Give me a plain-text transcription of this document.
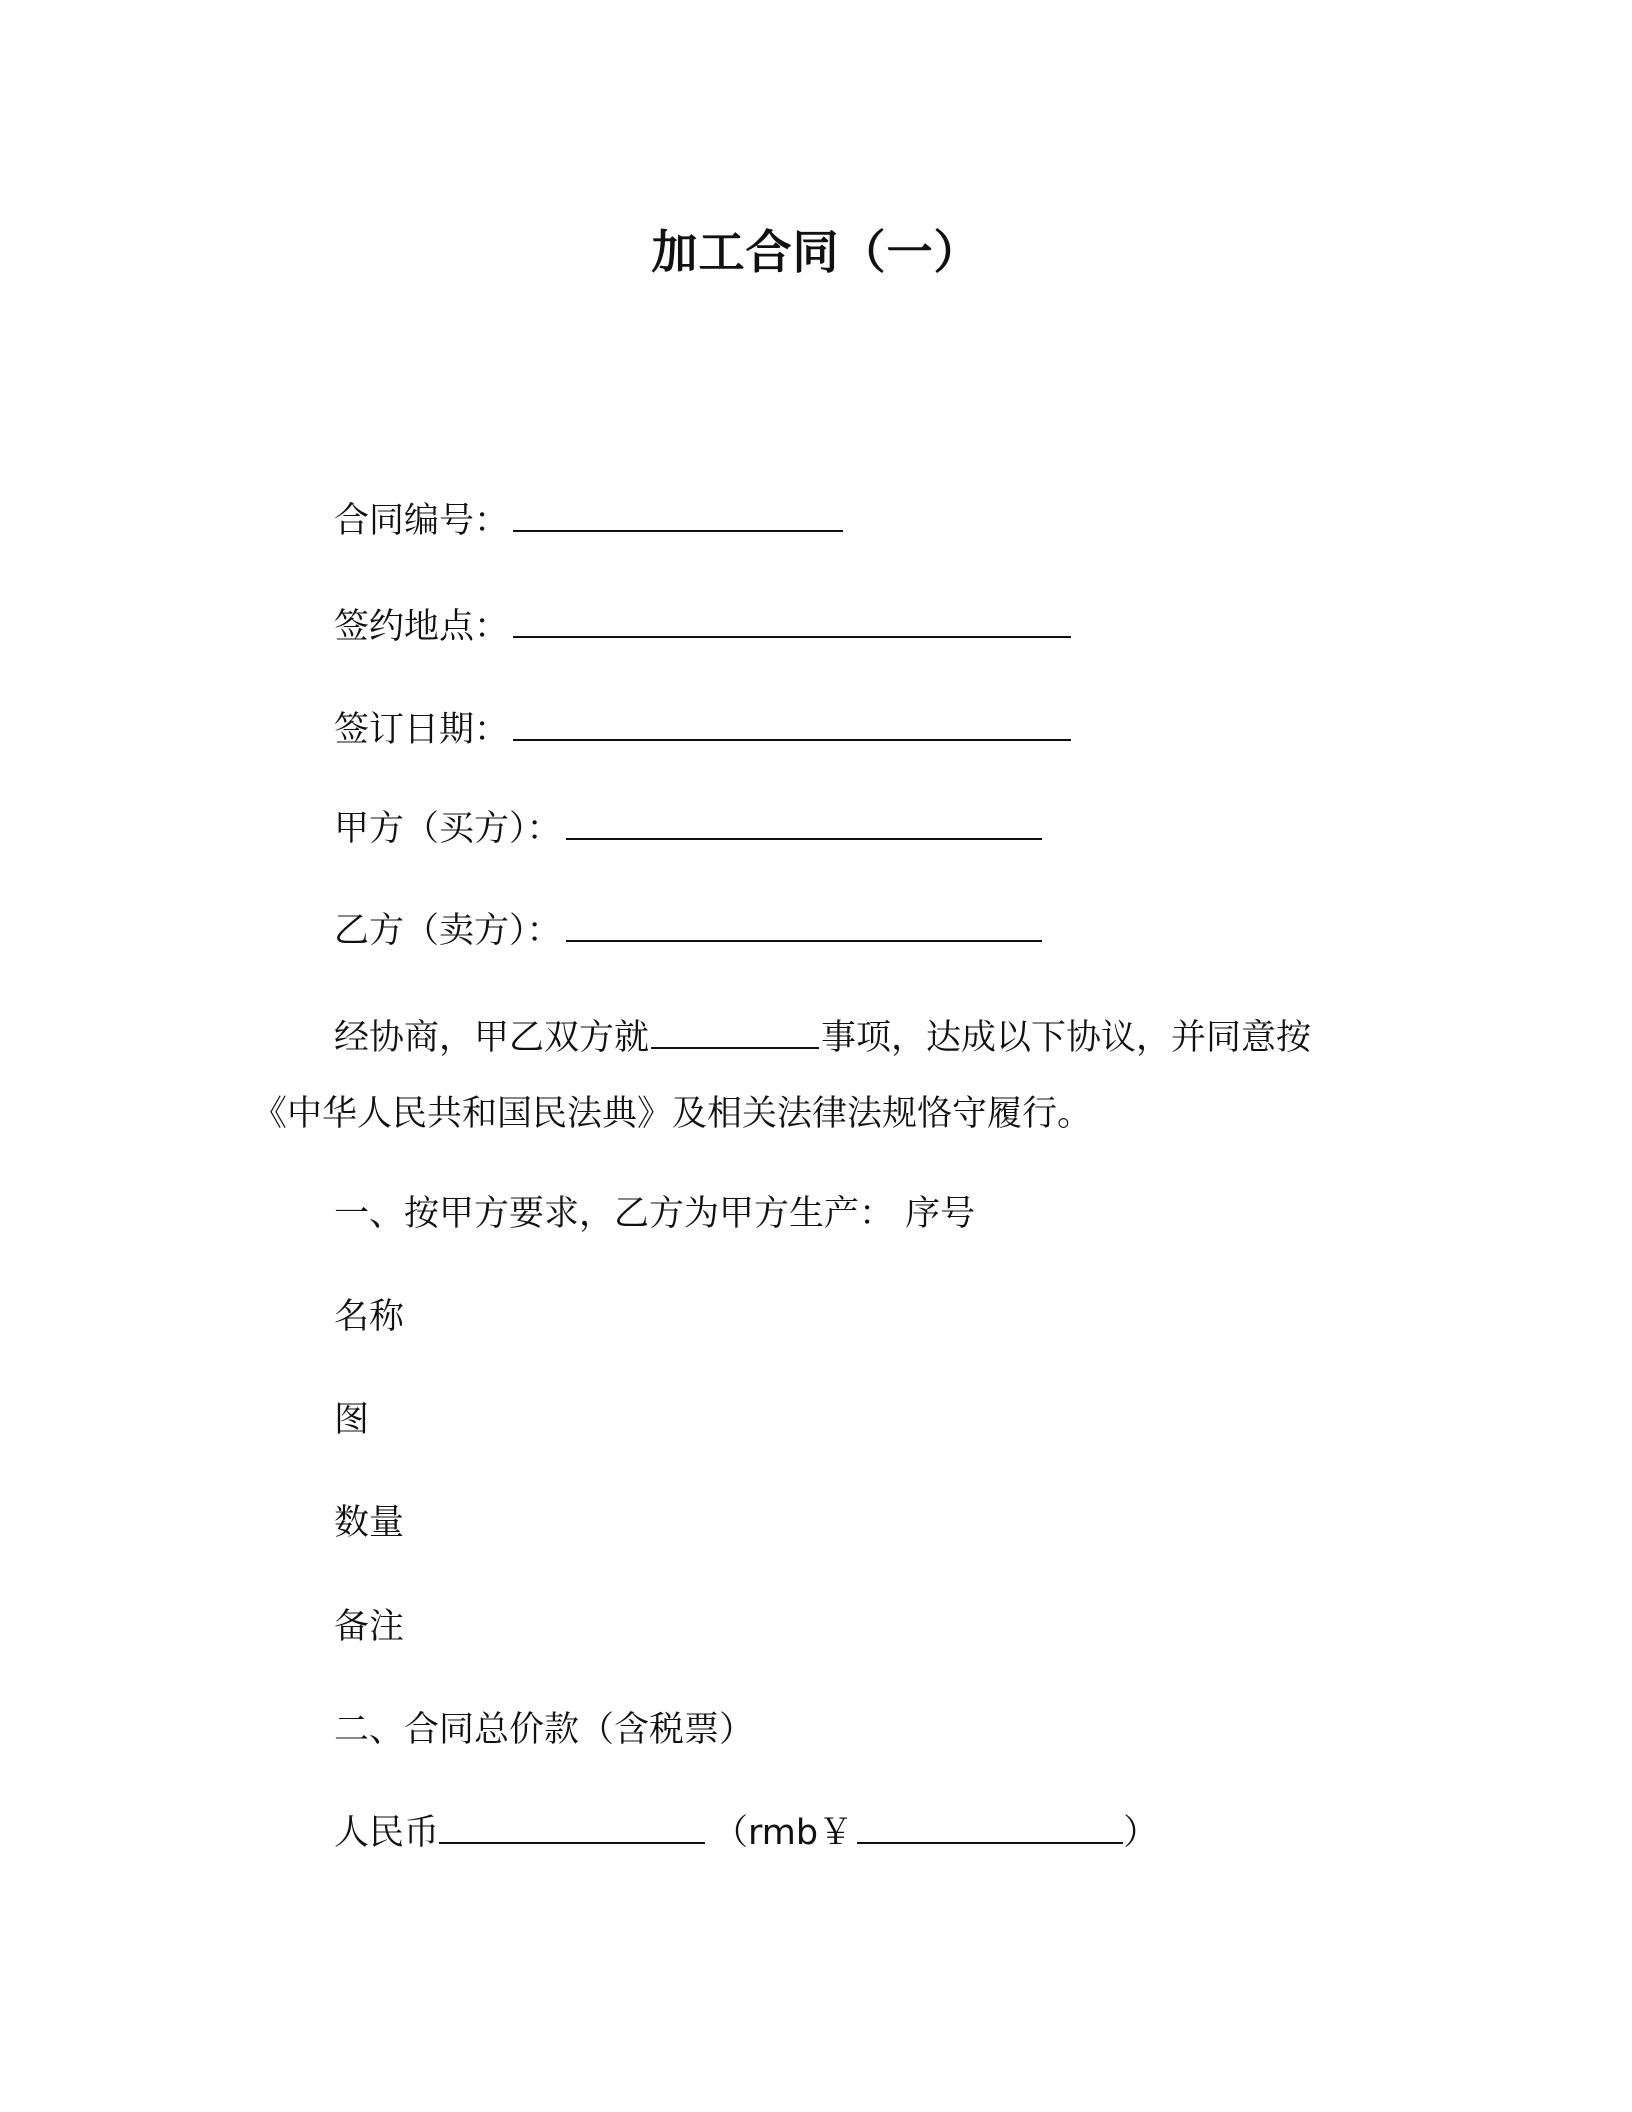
加工合同（一）
合同编号：
签约地点：
签订日期：
甲方（买方）：
乙方（卖方）：
经协商，甲乙双方就	事项，达成以下协议，并同意按
《中华人民共和国民法典》及相关法律法规恪守履行。
一、按甲方要求，乙方为甲方生产： 序号
名称
图
数量
备注
二、合同总价款（含税票）
人民币	（rmb￥	）
